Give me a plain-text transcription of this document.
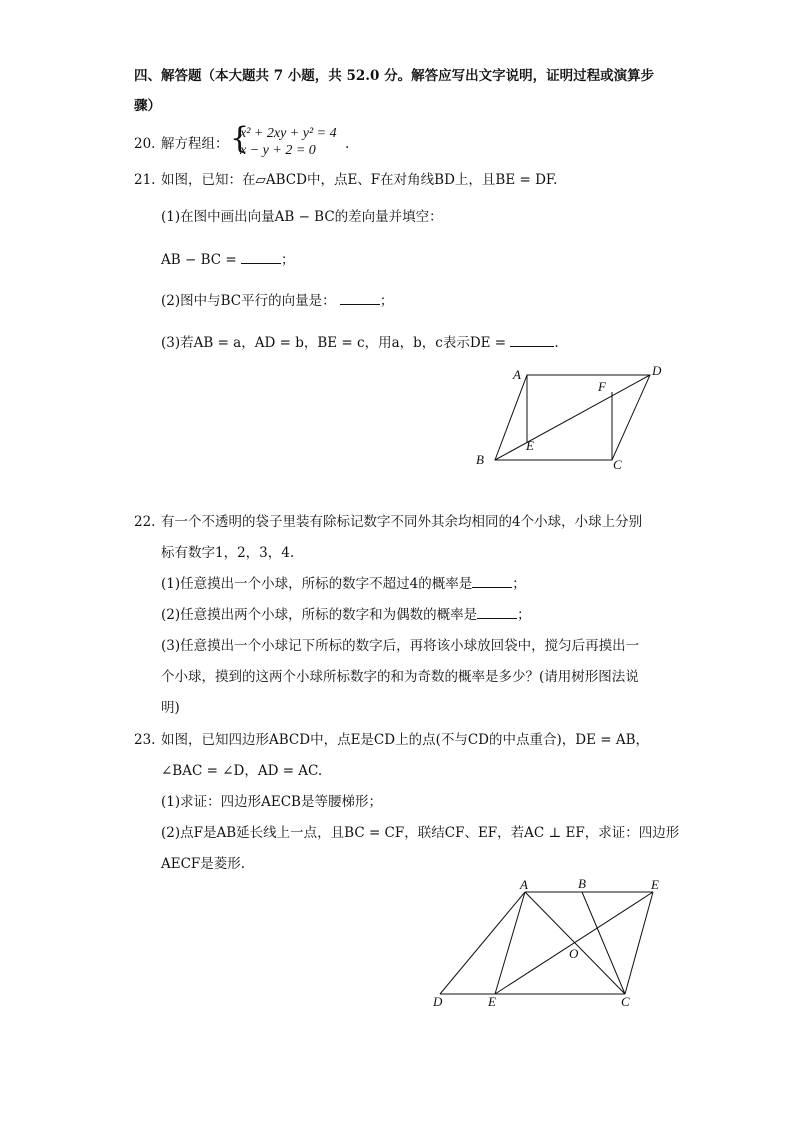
四、解答题（本大题共 7 小题，共 52.0 分。解答应写出文字说明，证明过程或演算步
骤）
20. 解方程组： {
x² + 2xy + y² = 4
x − y + 2 = 0 .
21. 如图，已知：在▱ABCD中，点E、F在对角线BD上，且BE = DF.
(1)在图中画出向量AB − BC的差向量并填空：
AB − BC =	；
(2)图中与BC平行的向量是：	；
(3)若AB = a，AD = b，BE = c，用a，b，c表示DE =	.
A	D
F
E
B	C
22. 有一个不透明的袋子里装有除标记数字不同外其余均相同的4个小球，小球上分别
标有数字1，2，3，4.
(1)任意摸出一个小球，所标的数字不超过4的概率是	；
(2)任意摸出两个小球，所标的数字和为偶数的概率是	；
(3)任意摸出一个小球记下所标的数字后，再将该小球放回袋中，搅匀后再摸出一
个小球，摸到的这两个小球所标数字的和为奇数的概率是多少？(请用树形图法说
明)
23. 如图，已知四边形ABCD中，点E是CD上的点(不与CD的中点重合)，DE = AB，
∠BAC = ∠D，AD = AC.
(1)求证：四边形AECB是等腰梯形；
(2)点F是AB延长线上一点，且BC = CF，联结CF、EF，若AC ⊥ EF，求证：四边形
AECF是菱形.
A	B	E
O
D	E	C
